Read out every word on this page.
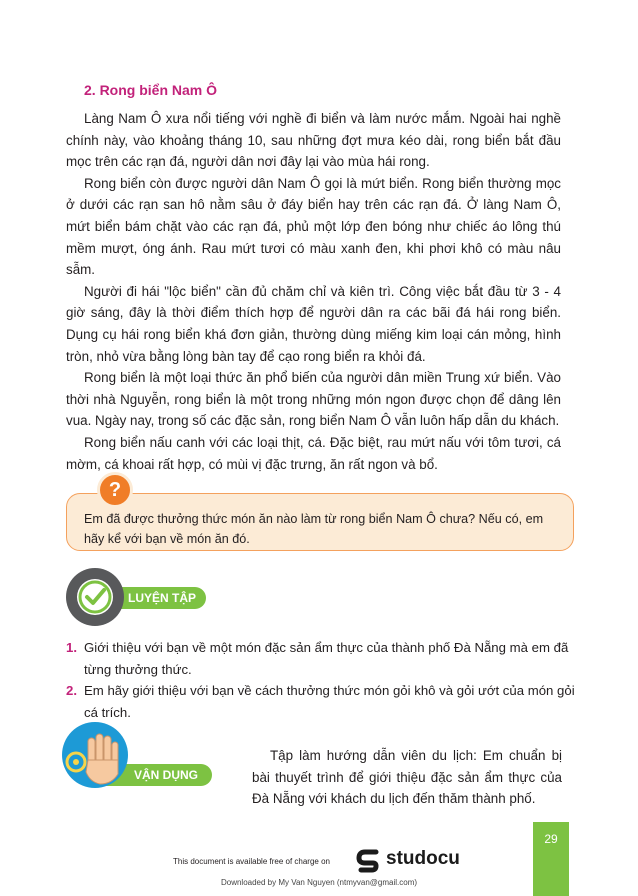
2. Rong biển Nam Ô

Làng Nam Ô xưa nổi tiếng với nghề đi biển và làm nước mắm. Ngoài hai nghề chính này, vào khoảng tháng 10, sau những đợt mưa kéo dài, rong biển bắt đầu mọc trên các rạn đá, người dân nơi đây lại vào mùa hái rong.

Rong biển còn được người dân Nam Ô gọi là mứt biển. Rong biển thường mọc ở dưới các rạn san hô nằm sâu ở đáy biển hay trên các rạn đá. Ở làng Nam Ô, mứt biển bám chặt vào các rạn đá, phủ một lớp đen bóng như chiếc áo lông thú mềm mượt, óng ánh. Rau mứt tươi có màu xanh đen, khi phơi khô có màu nâu sẫm.

Người đi hái "lộc biển" cần đủ chăm chỉ và kiên trì. Công việc bắt đầu từ 3 - 4 giờ sáng, đây là thời điểm thích hợp để người dân ra các bãi đá hái rong biển. Dụng cụ hái rong biển khá đơn giản, thường dùng miếng kim loại cán mỏng, hình tròn, nhỏ vừa bằng lòng bàn tay để cạo rong biển ra khỏi đá.

Rong biển là một loại thức ăn phổ biến của người dân miền Trung xứ biển. Vào thời nhà Nguyễn, rong biển là một trong những món ngon được chọn để dâng lên vua. Ngày nay, trong số các đặc sản, rong biển Nam Ô vẫn luôn hấp dẫn du khách.

Rong biển nấu canh với các loại thịt, cá. Đặc biệt, rau mứt nấu với tôm tươi, cá mờm, cá khoai rất hợp, có mùi vị đặc trưng, ăn rất ngon và bổ.

?
Em đã được thưởng thức món ăn nào làm từ rong biển Nam Ô chưa? Nếu có, em hãy kể với bạn về món ăn đó.
LUYỆN TẬP
1. Giới thiệu với bạn về một món đặc sản ẩm thực của thành phố Đà Nẵng mà em đã từng thưởng thức.
2. Em hãy giới thiệu với bạn về cách thưởng thức món gỏi khô và gỏi ướt của món gỏi cá trích.
VẬN DỤNG

Tập làm hướng dẫn viên du lịch: Em chuẩn bị bài thuyết trình để giới thiệu đặc sản ẩm thực của Đà Nẵng với khách du lịch đến thăm thành phố.

29
This document is available free of charge on	studocu
Downloaded by My Van Nguyen (ntmyvan@gmail.com)
